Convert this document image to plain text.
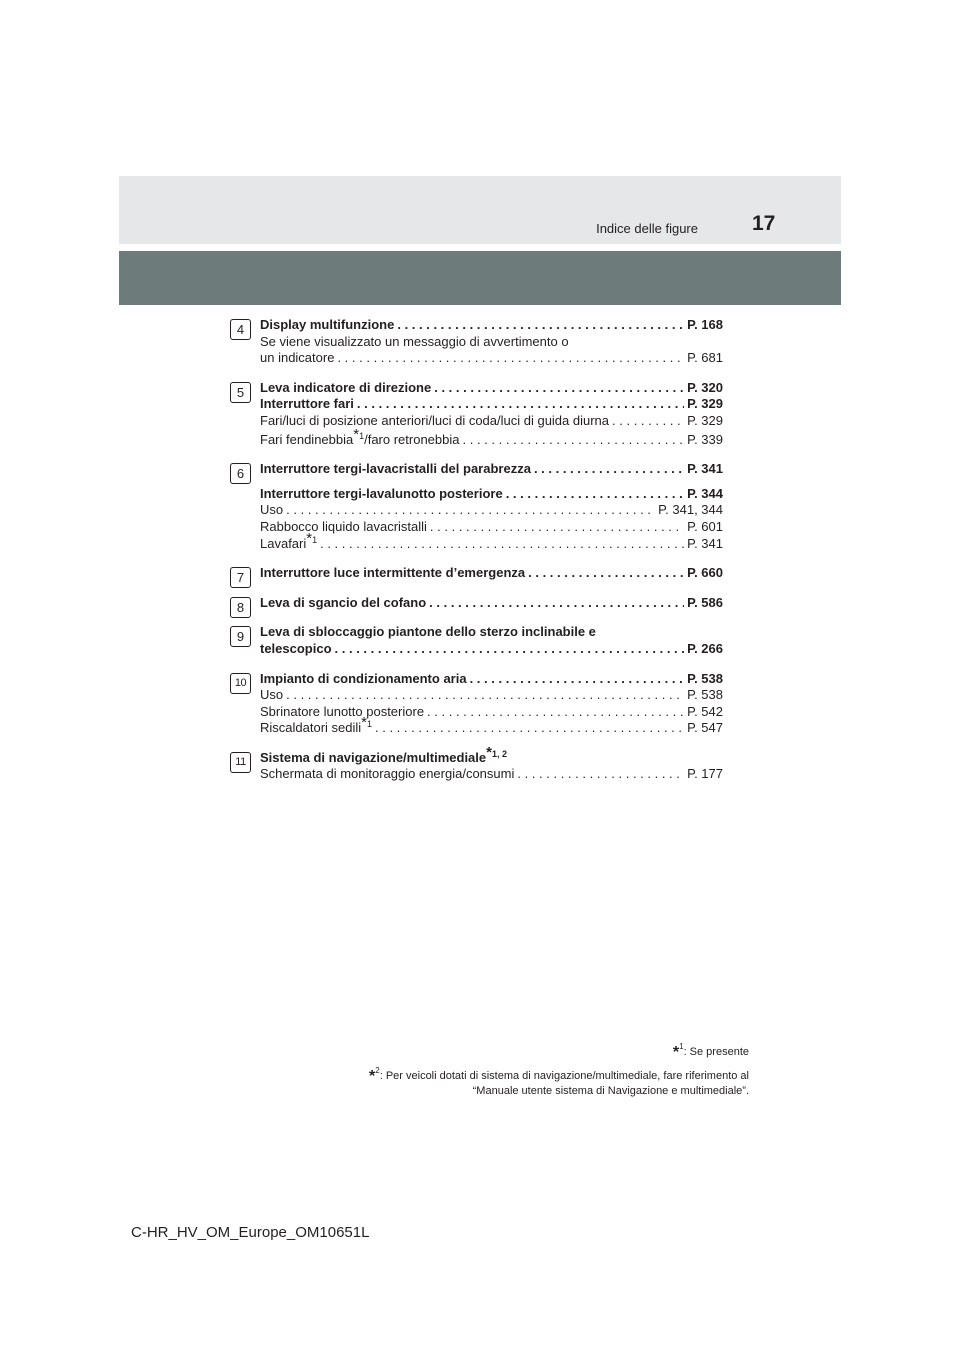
Indice delle figure	17
4	Display multifunzione . . .	P. 168
Se viene visualizzato un messaggio di avvertimento o
un indicatore . . .	P. 681
5	Leva indicatore di direzione . . .	P. 320
Interruttore fari . . .	P. 329
Fari/luci di posizione anteriori/luci di coda/luci di guida diurna . . .	P. 329
Fari fendinebbia$^{*1}$/faro retronebbia . . .	P. 339
6	Interruttore tergi-lavacristalli del parabrezza . . .	P. 341
Interruttore tergi-lavalunotto posteriore . . .	P. 344
Uso . . .	P. 341, 344
Rabbocco liquido lavacristalli . . .	P. 601
Lavafari$^{*1}$ . . .	P. 341
7	Interruttore luce intermittente d’emergenza . . .	P. 660
8	Leva di sgancio del cofano . . .	P. 586
9	Leva di sbloccaggio piantone dello sterzo inclinabile e
telescopico . . .	P. 266
10	Impianto di condizionamento aria . . .	P. 538
Uso . . .	P. 538
Sbrinatore lunotto posteriore . . .	P. 542
Riscaldatori sedili$^{*1}$ . . .	P. 547
11	Sistema di navigazione/multimediale$^{*1, 2}$
Schermata di monitoraggio energia/consumi . . .	P. 177
*$^1$: Se presente
*$^2$: Per veicoli dotati di sistema di navigazione/multimediale, fare riferimento al
“Manuale utente sistema di Navigazione e multimediale”.
C-HR_HV_OM_Europe_OM10651L
